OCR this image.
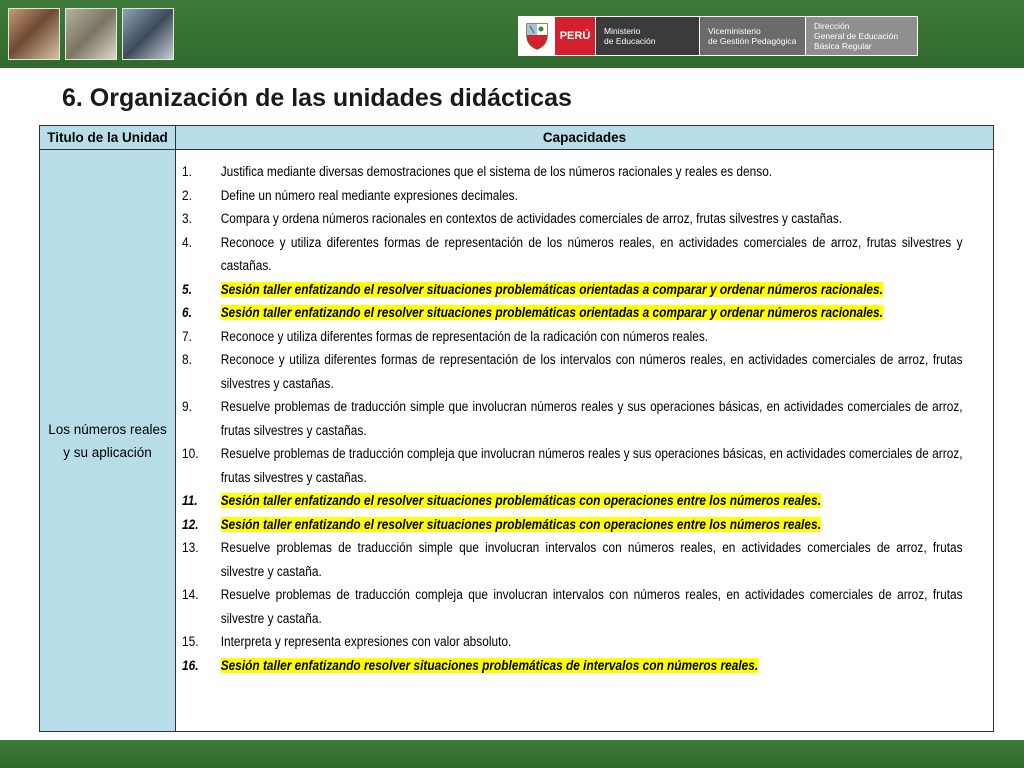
PERÚ	Ministerio
de Educación
Viceministerio
de Gestión Pedagógica
Dirección
General de Educación
Básica Regular
6. Organización de las unidades didácticas
Titulo de la Unidad	Capacidades
Los números reales
y su aplicación
1.	Justifica mediante diversas demostraciones que el sistema de los números racionales y reales es denso.
2.	Define un número real mediante expresiones decimales.
3.	Compara y ordena números racionales en contextos de actividades comerciales de arroz, frutas silvestres y castañas.
4.	Reconoce y utiliza diferentes formas de representación de los números reales, en actividades comerciales de arroz, frutas silvestres y castañas.
5.	Sesión taller enfatizando el resolver situaciones problemáticas orientadas a comparar y ordenar números racionales.
6.	Sesión taller enfatizando el resolver situaciones problemáticas orientadas a comparar y ordenar números racionales.
7.	Reconoce y utiliza diferentes formas de representación de la radicación con números reales.
8.	Reconoce y utiliza diferentes formas de representación de los intervalos con números reales, en actividades comerciales de arroz, frutas silvestres y castañas.
9.	Resuelve problemas de traducción simple que involucran números reales y sus operaciones básicas, en actividades comerciales de arroz, frutas silvestres y castañas.
10.	Resuelve problemas de traducción compleja que involucran números reales y sus operaciones básicas, en actividades comerciales de arroz, frutas silvestres y castañas.
11.	Sesión taller enfatizando el resolver situaciones problemáticas con operaciones entre los números reales.
12.	Sesión taller enfatizando el resolver situaciones problemáticas con operaciones entre los números reales.
13.	Resuelve problemas de traducción simple que involucran intervalos con números reales, en actividades comerciales de arroz, frutas silvestre y castaña.
14.	Resuelve problemas de traducción compleja que involucran intervalos con números reales, en actividades comerciales de arroz, frutas silvestre y castaña.
15.	Interpreta y representa expresiones con valor absoluto.
16.	Sesión taller enfatizando resolver situaciones problemáticas de intervalos con números reales.
